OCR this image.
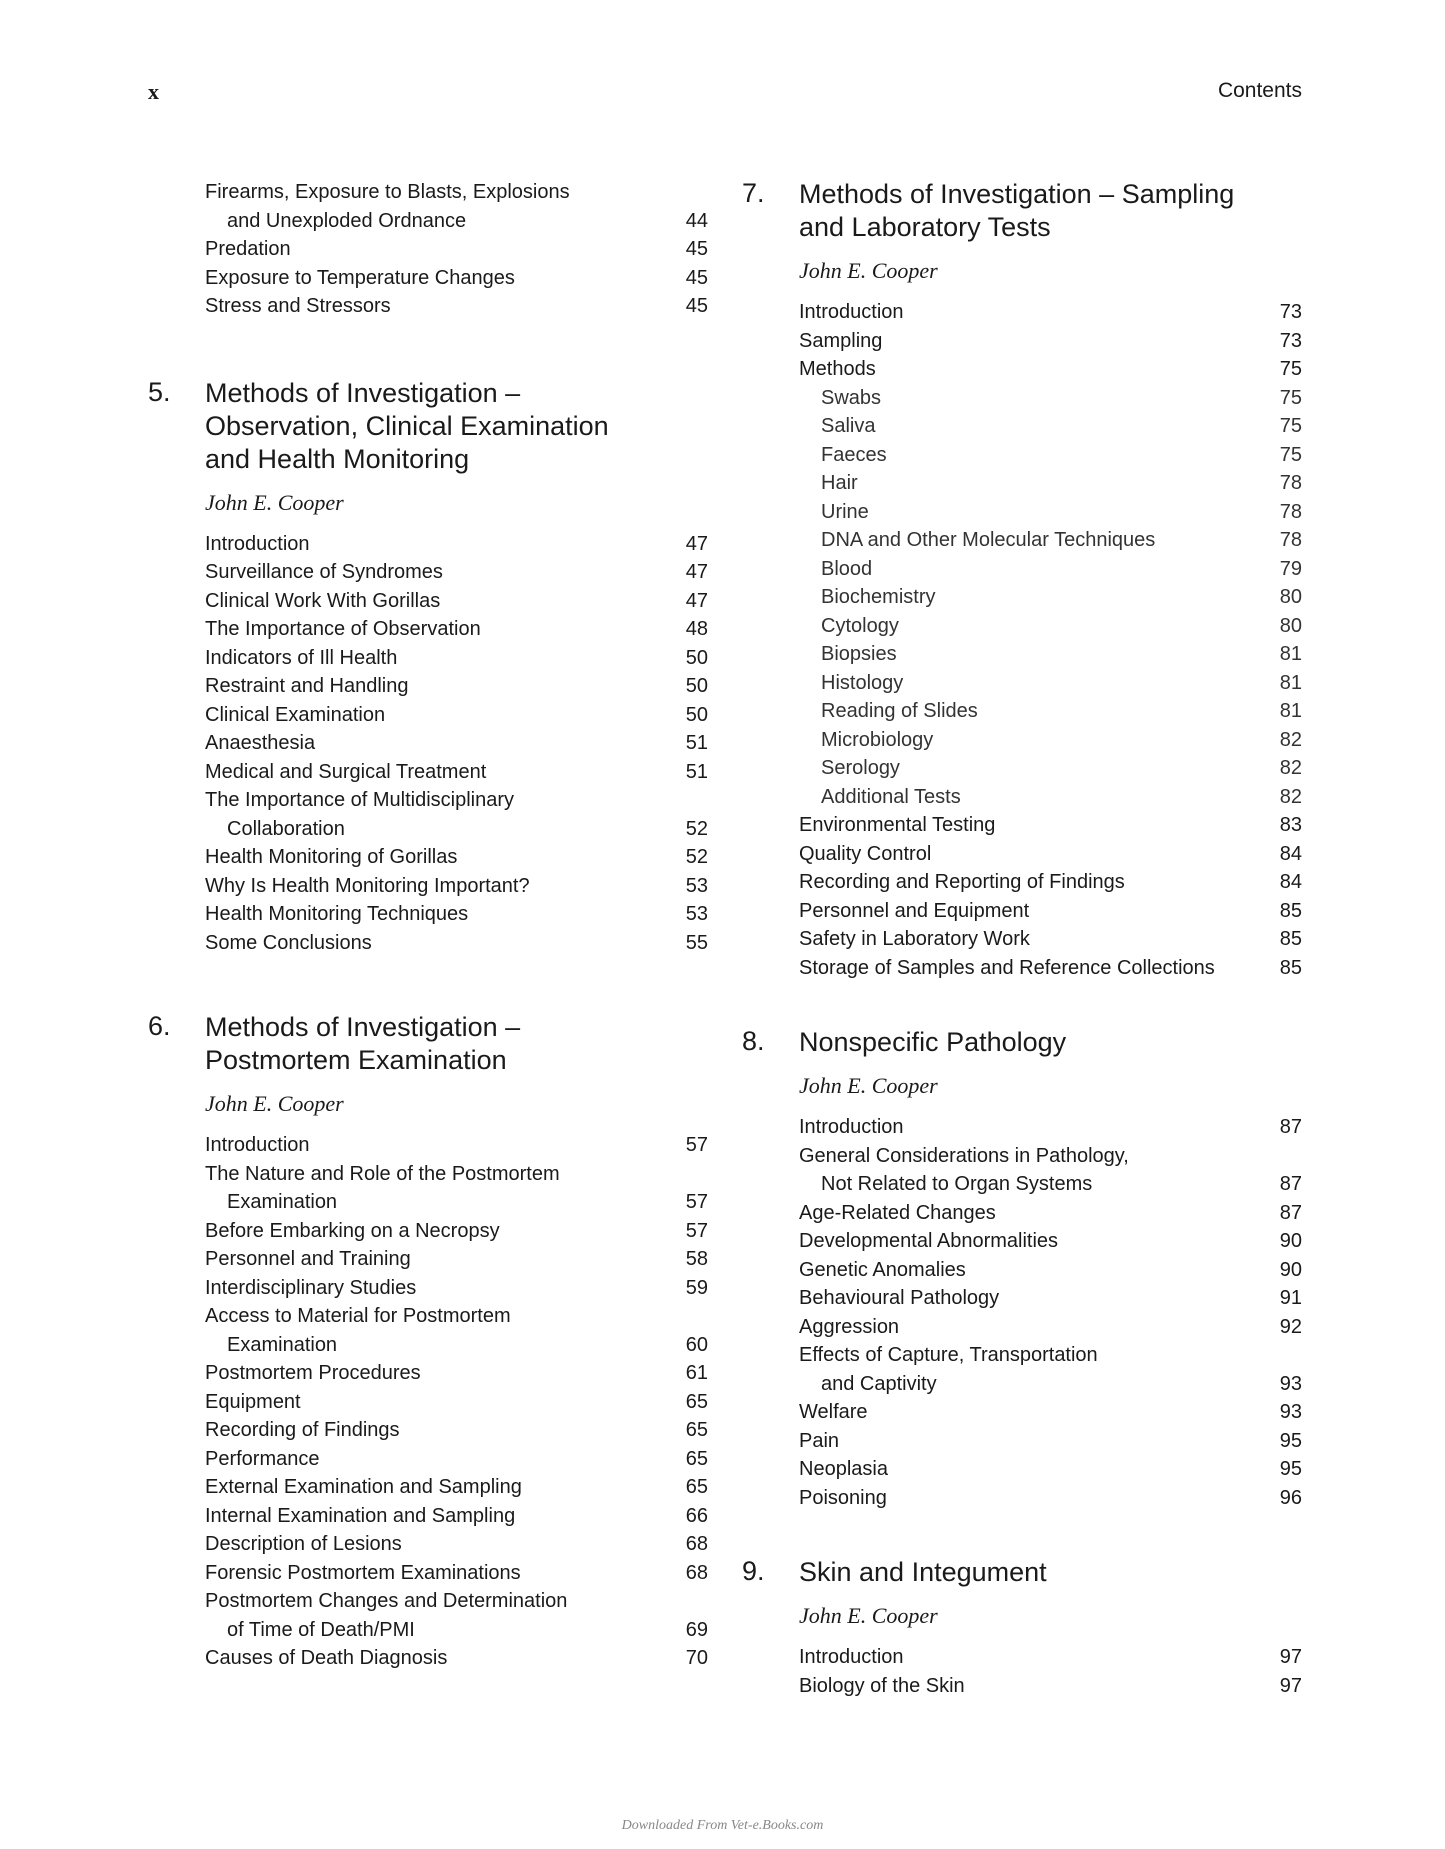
x	Contents
Firearms, Exposure to Blasts, Explosions
and Unexploded Ordnance	44
Predation	45
Exposure to Temperature Changes	45
Stress and Stressors	45
5. Methods of Investigation –
Observation, Clinical Examination
and Health Monitoring
John E. Cooper
Introduction	47
Surveillance of Syndromes	47
Clinical Work With Gorillas	47
The Importance of Observation	48
Indicators of Ill Health	50
Restraint and Handling	50
Clinical Examination	50
Anaesthesia	51
Medical and Surgical Treatment	51
The Importance of Multidisciplinary
Collaboration	52
Health Monitoring of Gorillas	52
Why Is Health Monitoring Important?	53
Health Monitoring Techniques	53
Some Conclusions	55
6. Methods of Investigation –
Postmortem Examination
John E. Cooper
Introduction	57
The Nature and Role of the Postmortem
Examination	57
Before Embarking on a Necropsy	57
Personnel and Training	58
Interdisciplinary Studies	59
Access to Material for Postmortem
Examination	60
Postmortem Procedures	61
Equipment	65
Recording of Findings	65
Performance	65
External Examination and Sampling	65
Internal Examination and Sampling	66
Description of Lesions	68
Forensic Postmortem Examinations	68
Postmortem Changes and Determination
of Time of Death/PMI	69
Causes of Death Diagnosis	70
7. Methods of Investigation – Sampling
and Laboratory Tests
John E. Cooper
Introduction	73
Sampling	73
Methods	75
Swabs	75
Saliva	75
Faeces	75
Hair	78
Urine	78
DNA and Other Molecular Techniques	78
Blood	79
Biochemistry	80
Cytology	80
Biopsies	81
Histology	81
Reading of Slides	81
Microbiology	82
Serology	82
Additional Tests	82
Environmental Testing	83
Quality Control	84
Recording and Reporting of Findings	84
Personnel and Equipment	85
Safety in Laboratory Work	85
Storage of Samples and Reference Collections	85
8. Nonspecific Pathology
John E. Cooper
Introduction	87
General Considerations in Pathology,
Not Related to Organ Systems	87
Age-Related Changes	87
Developmental Abnormalities	90
Genetic Anomalies	90
Behavioural Pathology	91
Aggression	92
Effects of Capture, Transportation
and Captivity	93
Welfare	93
Pain	95
Neoplasia	95
Poisoning	96
9. Skin and Integument
John E. Cooper
Introduction	97
Biology of the Skin	97
Downloaded From Vet-e.Books.com
